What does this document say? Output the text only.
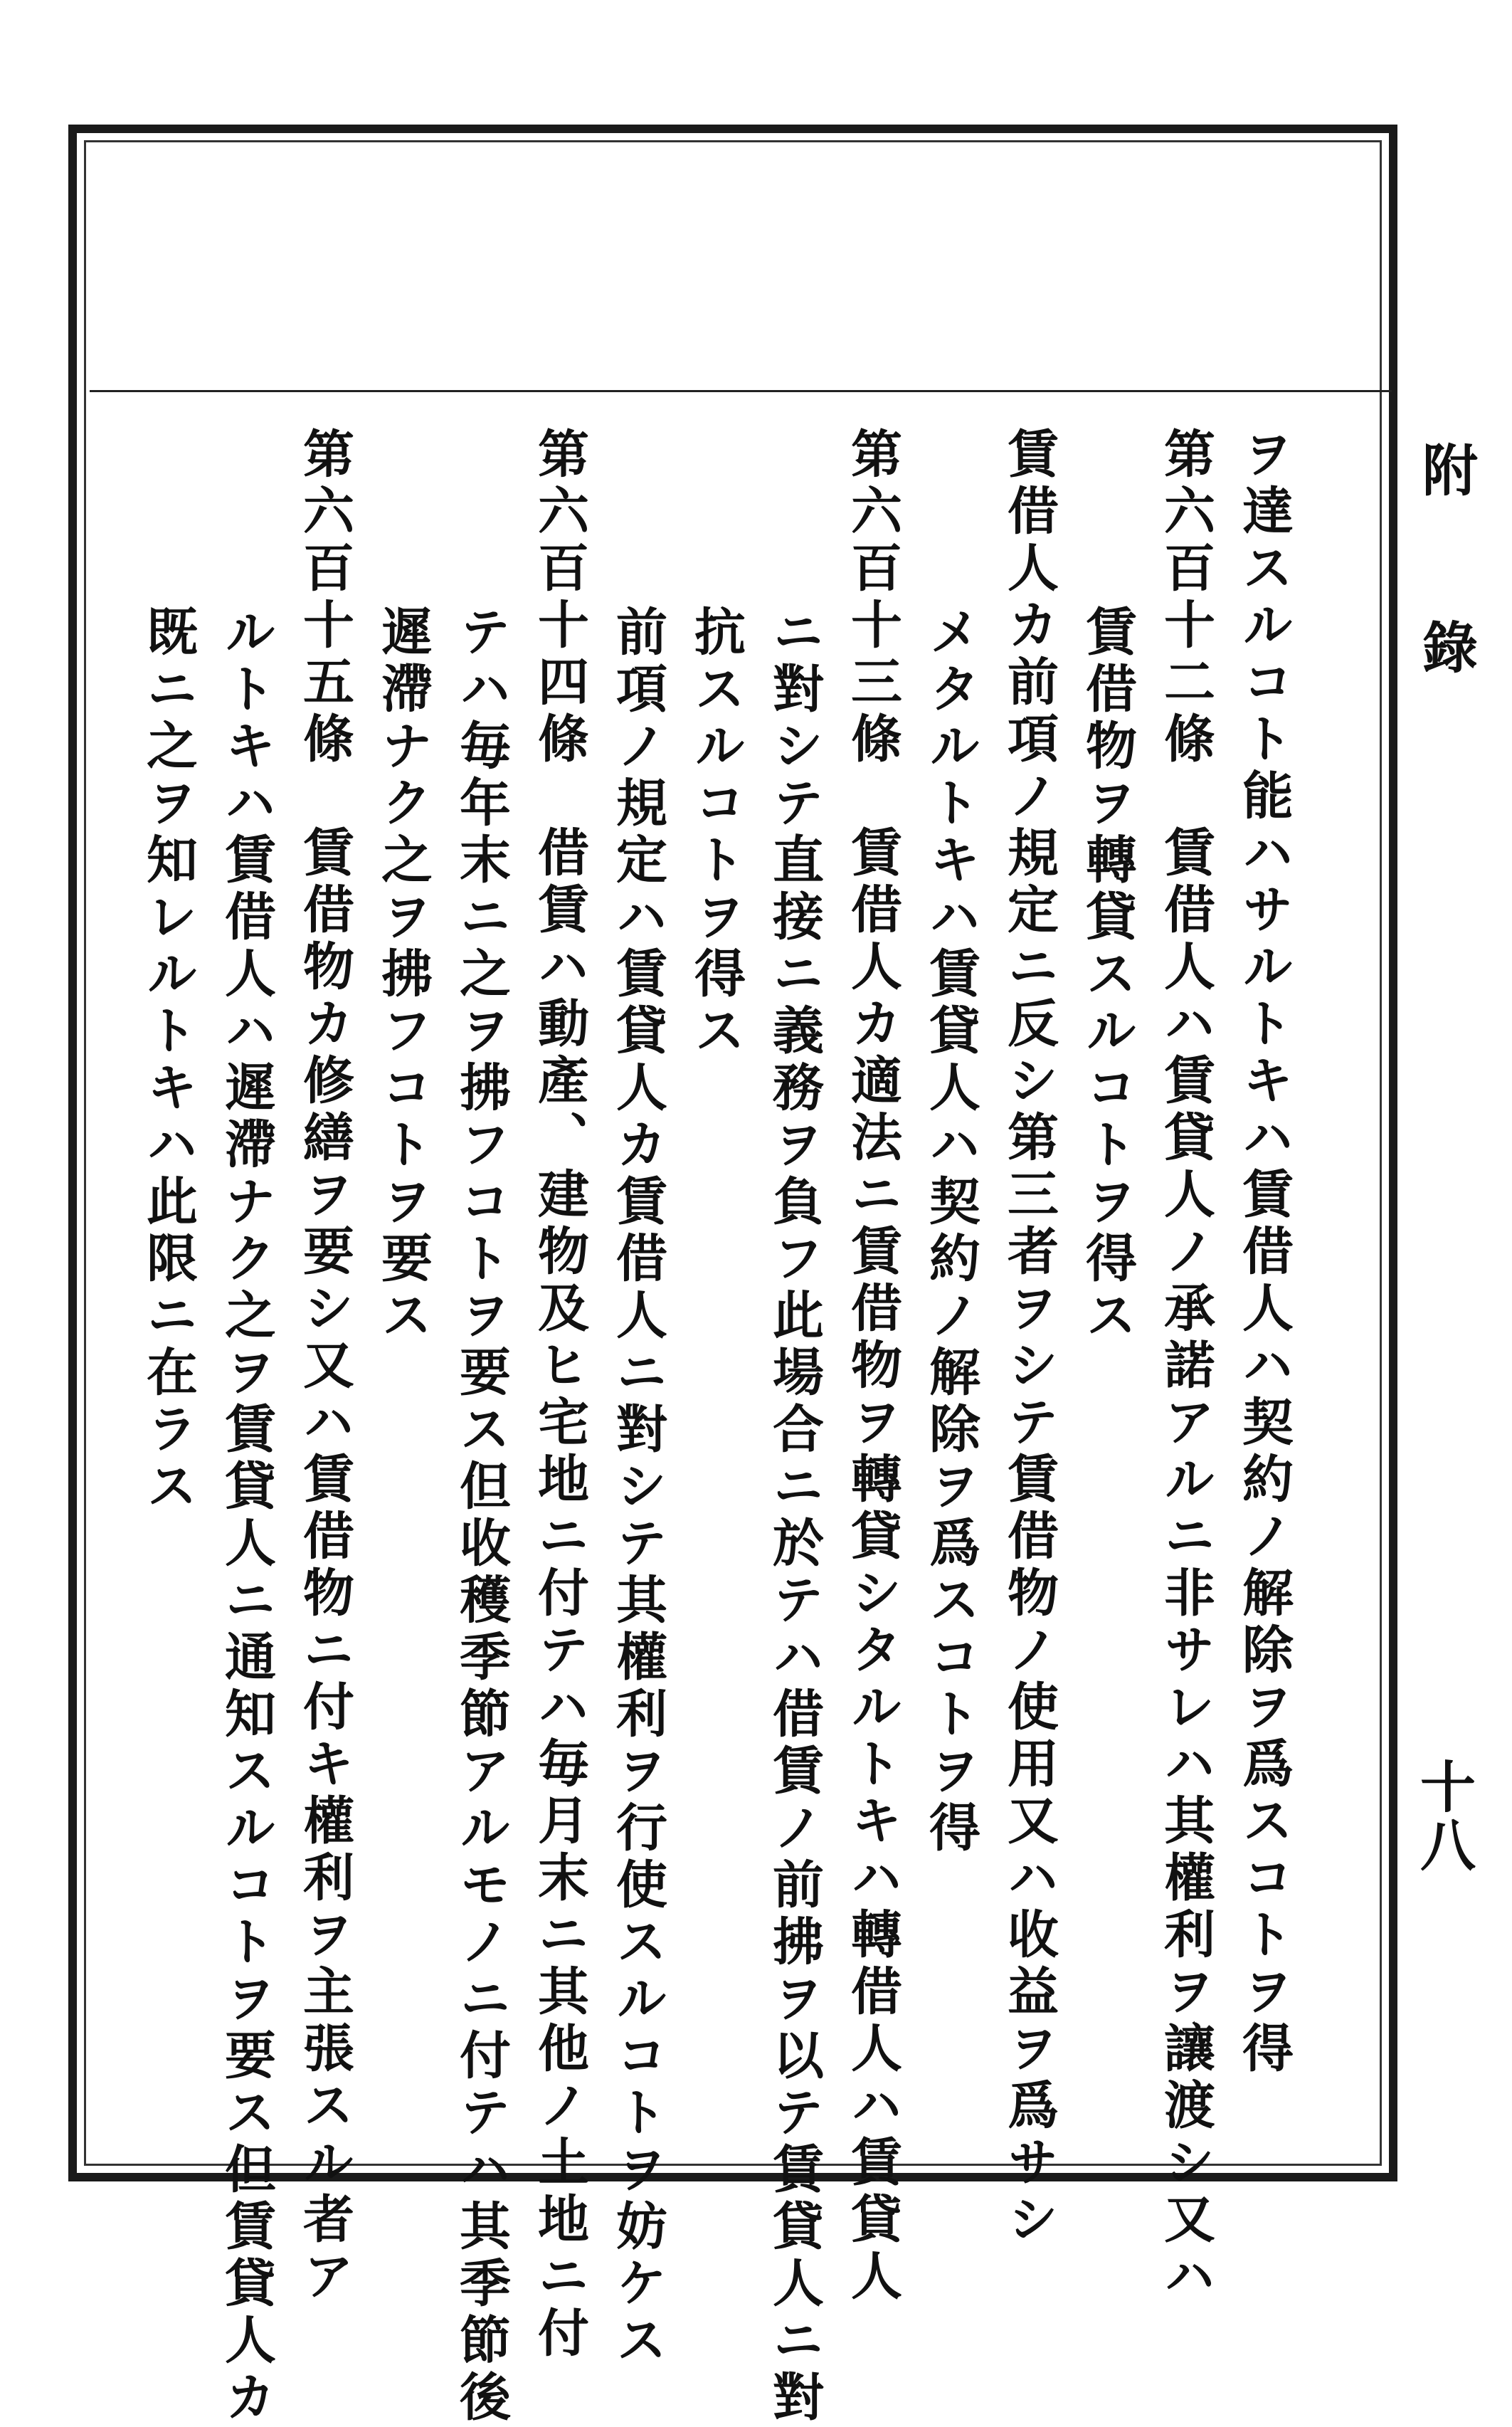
附 錄
十八
ヲ達スルコト能ハサルトキハ賃借人ハ契約ノ解除ヲ爲スコトヲ得
第六百十二條　賃借人ハ賃貸人ノ承諾アルニ非サレハ其權利ヲ讓渡シ又ハ
賃借物ヲ轉貸スルコトヲ得ス
賃借人カ前項ノ規定ニ反シ第三者ヲシテ賃借物ノ使用又ハ收益ヲ爲サシ
メタルトキハ賃貸人ハ契約ノ解除ヲ爲スコトヲ得
第六百十三條　賃借人カ適法ニ賃借物ヲ轉貸シタルトキハ轉借人ハ賃貸人
ニ對シテ直接ニ義務ヲ負フ此場合ニ於テハ借賃ノ前拂ヲ以テ賃貸人ニ對
抗スルコトヲ得ス
前項ノ規定ハ賃貸人カ賃借人ニ對シテ其權利ヲ行使スルコトヲ妨ケス
第六百十四條　借賃ハ動產、建物及ヒ宅地ニ付テハ毎月末ニ其他ノ土地ニ付
テハ毎年末ニ之ヲ拂フコトヲ要ス但收穫季節アルモノニ付テハ其季節後
遲滯ナク之ヲ拂フコトヲ要ス
第六百十五條　賃借物カ修繕ヲ要シ又ハ賃借物ニ付キ權利ヲ主張スル者ア
ルトキハ賃借人ハ遲滯ナク之ヲ賃貸人ニ通知スルコトヲ要ス但賃貸人カ
既ニ之ヲ知レルトキハ此限ニ在ラス
